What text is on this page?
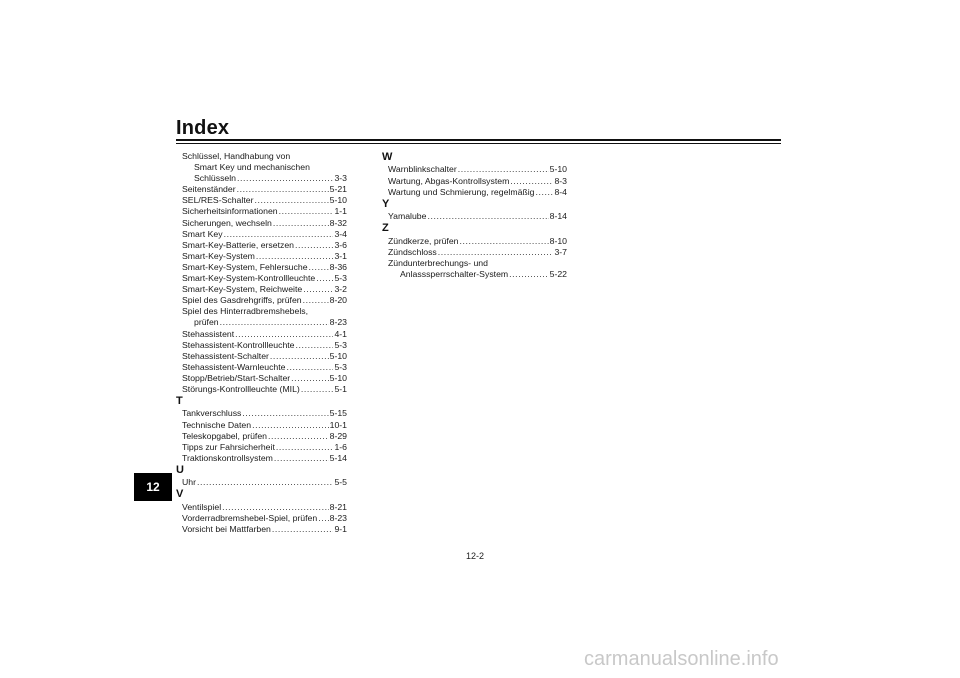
Index
12
Schlüssel, Handhabung von
Smart Key und mechanischen
Schlüsseln .....	3-3
Seitenständer .....	5-21
SEL/RES-Schalter .....	5-10
Sicherheitsinformationen .....	1-1
Sicherungen, wechseln .....	8-32
Smart Key .....	3-4
Smart-Key-Batterie, ersetzen .....	3-6
Smart-Key-System .....	3-1
Smart-Key-System, Fehlersuche .....	8-36
Smart-Key-System-Kontrollleuchte ..... 5-3
Smart-Key-System, Reichweite .....	3-2
Spiel des Gasdrehgriffs, prüfen .....	8-20
Spiel des Hinterradbremshebels,
prüfen .....	8-23
Stehassistent .....	4-1
Stehassistent-Kontrollleuchte .....	5-3
Stehassistent-Schalter .....	5-10
Stehassistent-Warnleuchte .....	5-3
Stopp/Betrieb/Start-Schalter .....	5-10
Störungs-Kontrollleuchte (MIL) .....	5-1
T
Tankverschluss .....	5-15
Technische Daten .....	10-1
Teleskopgabel, prüfen .....	8-29
Tipps zur Fahrsicherheit .....	1-6
Traktionskontrollsystem .....	5-14
U
Uhr .....	5-5
V
Ventilspiel .....	8-21
Vorderradbremshebel-Spiel, prüfen ..... 8-23
Vorsicht bei Mattfarben .....	9-1
W
Warnblinkschalter .....	5-10
Wartung, Abgas-Kontrollsystem .....	8-3
Wartung und Schmierung, regelmäßig ..... 8-4
Y
Yamalube .....	8-14
Z
Zündkerze, prüfen .....	8-10
Zündschloss .....	3-7
Zündunterbrechungs- und
Anlasssperrschalter-System .....	5-22
12-2
carmanualsonline.info
